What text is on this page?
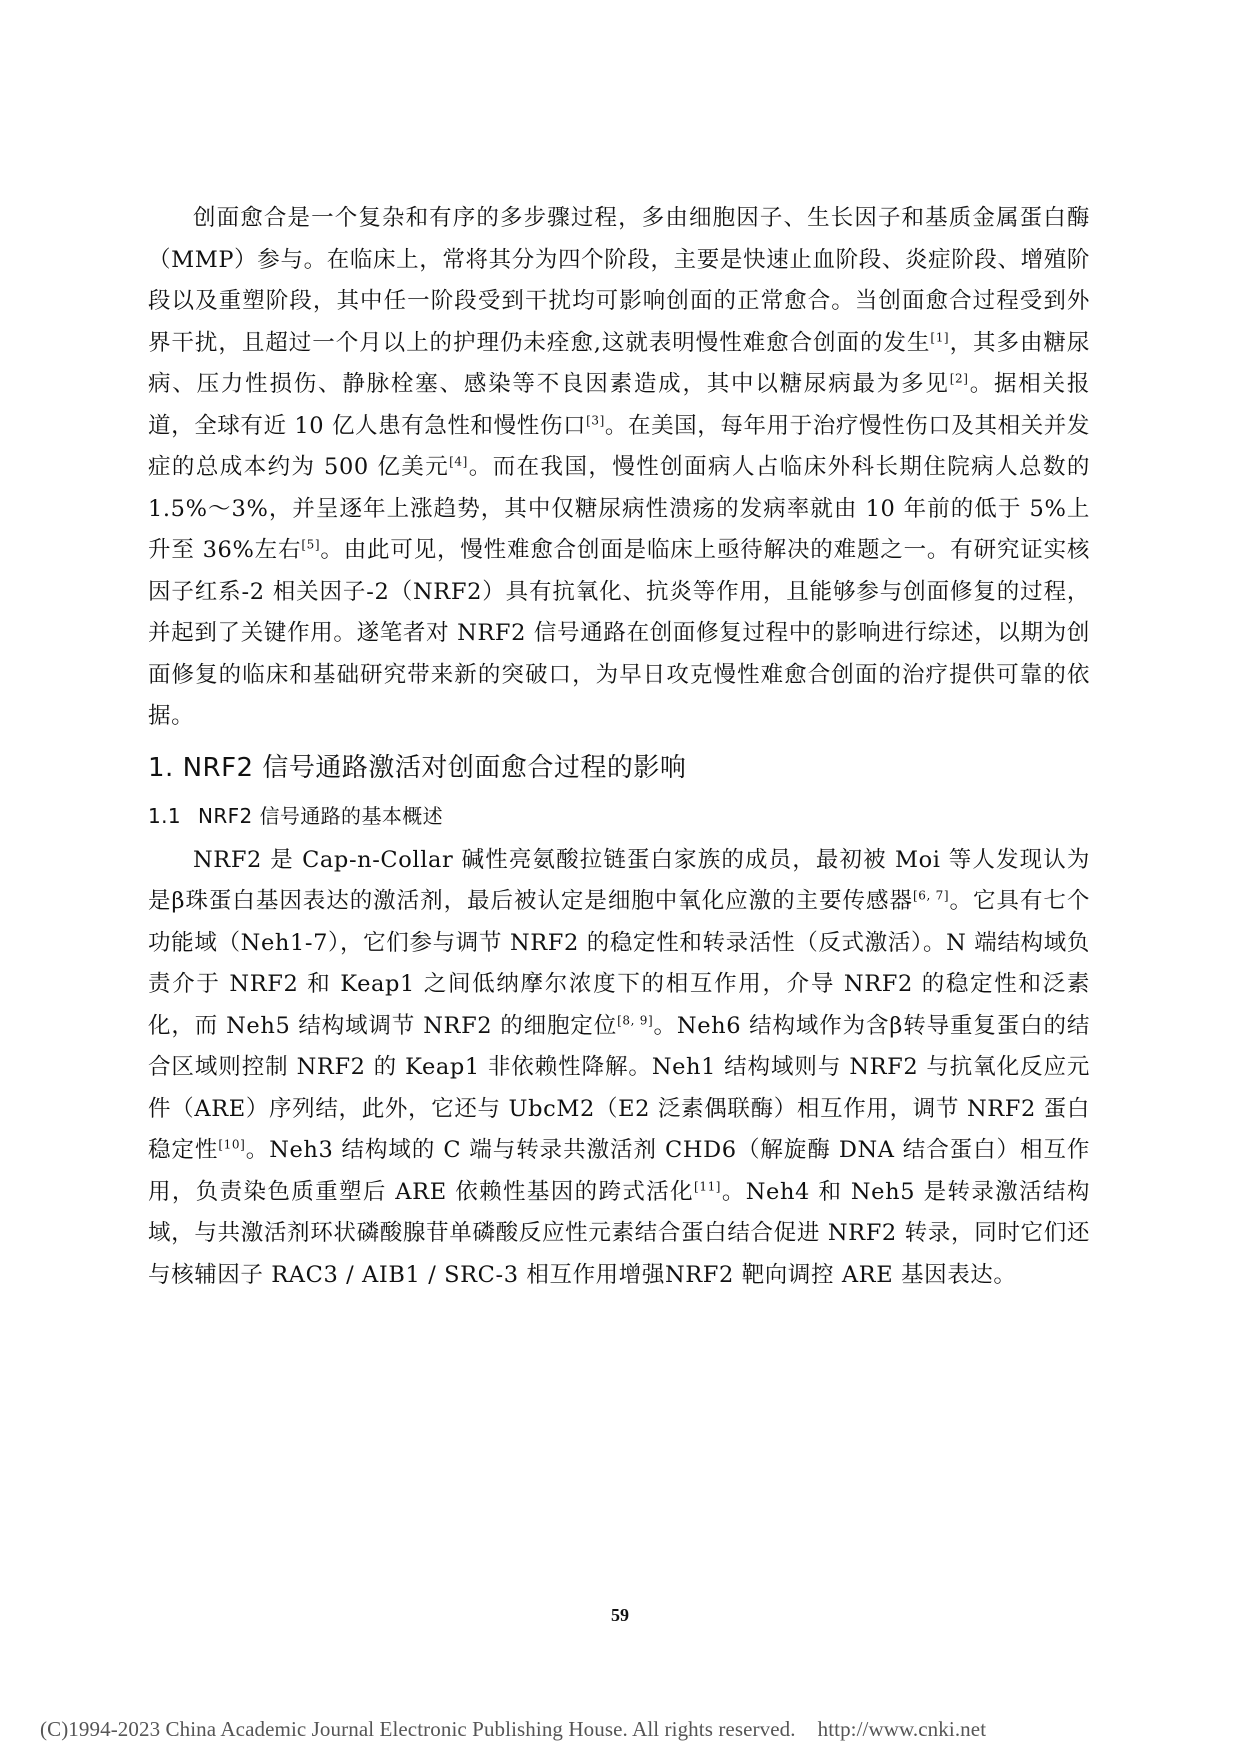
创面愈合是一个复杂和有序的多步骤过程，多由细胞因子、生长因子和基质金属蛋白酶（MMP）参与。在临床上，常将其分为四个阶段，主要是快速止血阶段、炎症阶段、增殖阶段以及重塑阶段，其中任一阶段受到干扰均可影响创面的正常愈合。当创面愈合过程受到外界干扰，且超过一个月以上的护理仍未痊愈,这就表明慢性难愈合创面的发生[1]，其多由糖尿病、压力性损伤、静脉栓塞、感染等不良因素造成，其中以糖尿病最为多见[2]。据相关报道，全球有近 10 亿人患有急性和慢性伤口[3]。在美国，每年用于治疗慢性伤口及其相关并发症的总成本约为 500 亿美元[4]。而在我国，慢性创面病人占临床外科长期住院病人总数的 1.5%～3%，并呈逐年上涨趋势，其中仅糖尿病性溃疡的发病率就由 10 年前的低于 5%上升至 36%左右[5]。由此可见，慢性难愈合创面是临床上亟待解决的难题之一。有研究证实核因子红系-2 相关因子-2（NRF2）具有抗氧化、抗炎等作用，且能够参与创面修复的过程，并起到了关键作用。遂笔者对 NRF2 信号通路在创面修复过程中的影响进行综述，以期为创面修复的临床和基础研究带来新的突破口，为早日攻克慢性难愈合创面的治疗提供可靠的依据。

1. NRF2 信号通路激活对创面愈合过程的影响
1.1 NRF2 信号通路的基本概述

NRF2 是 Cap-n-Collar 碱性亮氨酸拉链蛋白家族的成员，最初被 Moi 等人发现认为是β珠蛋白基因表达的激活剂，最后被认定是细胞中氧化应激的主要传感器[6, 7]。它具有七个功能域（Neh1-7），它们参与调节 NRF2 的稳定性和转录活性（反式激活）。N 端结构域负责介于 NRF2 和 Keap1 之间低纳摩尔浓度下的相互作用，介导 NRF2 的稳定性和泛素化，而 Neh5 结构域调节 NRF2 的细胞定位[8, 9]。Neh6 结构域作为含β转导重复蛋白的结合区域则控制 NRF2 的 Keap1 非依赖性降解。Neh1 结构域则与 NRF2 与抗氧化反应元件（ARE）序列结，此外，它还与 UbcM2（E2 泛素偶联酶）相互作用，调节 NRF2 蛋白稳定性[10]。Neh3 结构域的 C 端与转录共激活剂 CHD6（解旋酶 DNA 结合蛋白）相互作用，负责染色质重塑后 ARE 依赖性基因的跨式活化[11]。Neh4 和 Neh5 是转录激活结构域，与共激活剂环状磷酸腺苷单磷酸反应性元素结合蛋白结合促进 NRF2 转录，同时它们还与核辅因子 RAC3 / AIB1 / SRC-3 相互作用增强NRF2 靶向调控 ARE 基因表达。

59
(C)1994-2023 China Academic Journal Electronic Publishing House. All rights reserved. http://www.cnki.net
